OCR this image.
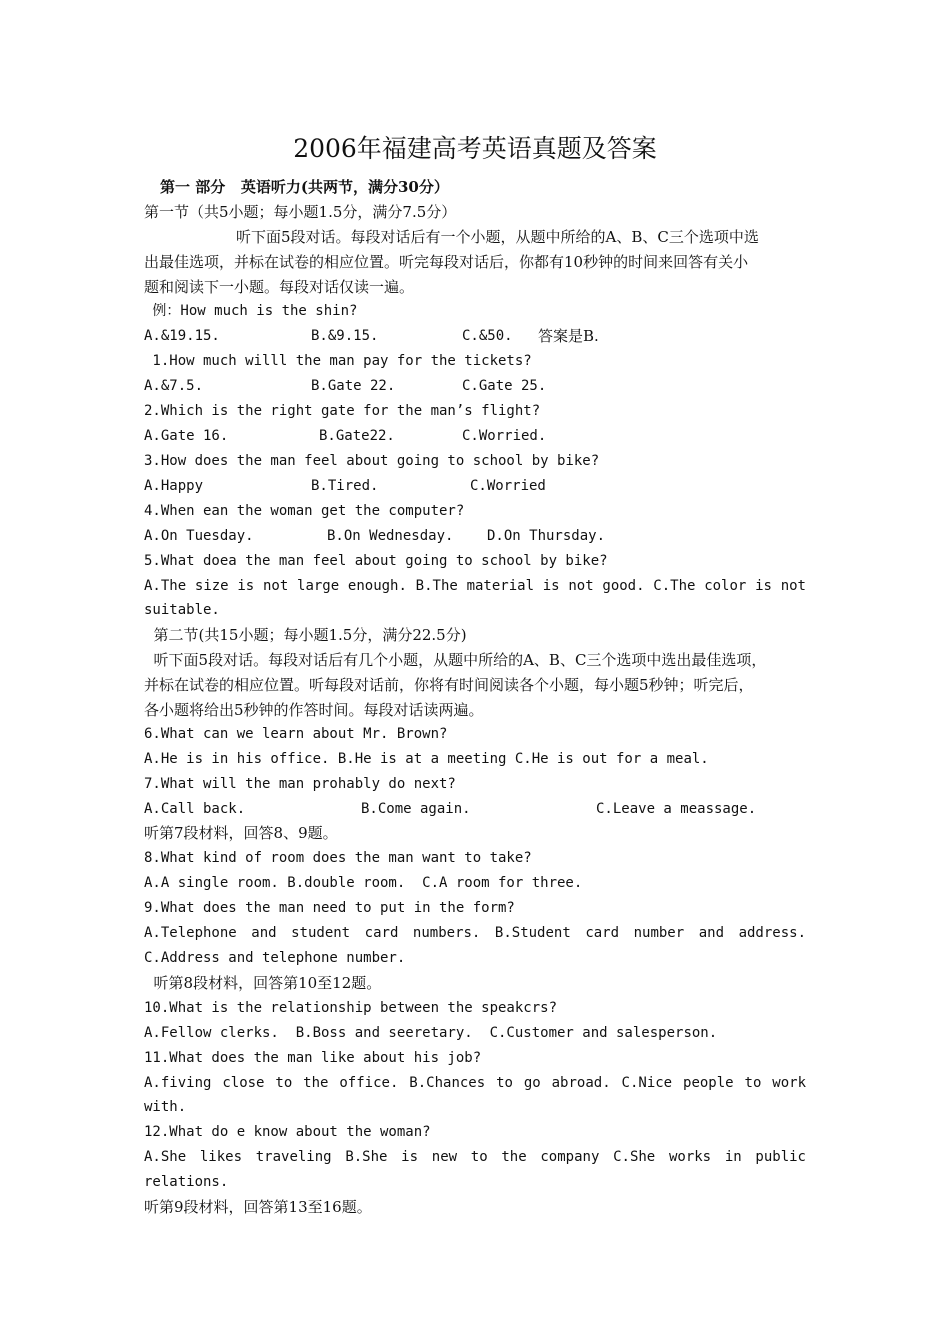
2006年福建高考英语真题及答案
第一 部分   英语听力(共两节，满分30分）
第一节（共5小题；每小题1.5分，满分7.5分）
听下面5段对话。每段对话后有一个小题，从题中所给的A、B、C三个选项中选
出最佳选项，并标在试卷的相应位置。听完每段对话后，你都有10秒钟的时间来回答有关小
题和阅读下一小题。每段对话仅读一遍。
例：How much is the shin?

A.&19.15.

	B.&9.15.

	C.&50.

答案是B.

1.How much willl the man pay for the tickets?

A.&7.5.

	B.Gate 22.

	C.Gate 25.

2.Which is the right gate for the man’s flight?

A.Gate 16.

	B.Gate22.

	C.Worried.

3.How does the man feel about going to school by bike?

A.Happy

	B.Tired.

	C.Worried

4.When ean the woman get the computer?

A.On Tuesday.

	B.On Wednesday.

D.On Thursday.

5.What doea the man feel about going to school by bike?
A.The size is not large enough. B.The material is not good. C.The color is not
suitable.
第二节(共15小题；每小题1.5分，满分22.5分)
听下面5段对话。每段对话后有几个小题，从题中所给的A、B、C三个选项中选出最佳选项，
并标在试卷的相应位置。听每段对话前，你将有时间阅读各个小题，每小题5秒钟；听完后，
各小题将给出5秒钟的作答时间。每段对话读两遍。
6.What can we learn about Mr. Brown?
A.He is in his office. B.He is at a meeting C.He is out for a meal.
7.What will the man prohably do next?

A.Call back.

	B.Come again.

	C.Leave a meassage.

听第7段材料，回答8、9题。
8.What kind of room does the man want to take?
A.A single room. B.double room.  C.A room for three.
9.What does the man need to put in the form?
A.Telephone and student card numbers. B.Student card number and address.
C.Address and telephone number.
听第8段材料，回答第10至12题。
10.What is the relationship between the speakcrs?
A.Fellow clerks.  B.Boss and seeretary.  C.Customer and salesperson.
11.What does the man like about his job?
A.fiving close to the office. B.Chances to go abroad. C.Nice people to work
with.
12.What do e know about the woman?
A.She likes traveling B.She is new to the company C.She works in public
relations.
听第9段材料，回答第13至16题。
